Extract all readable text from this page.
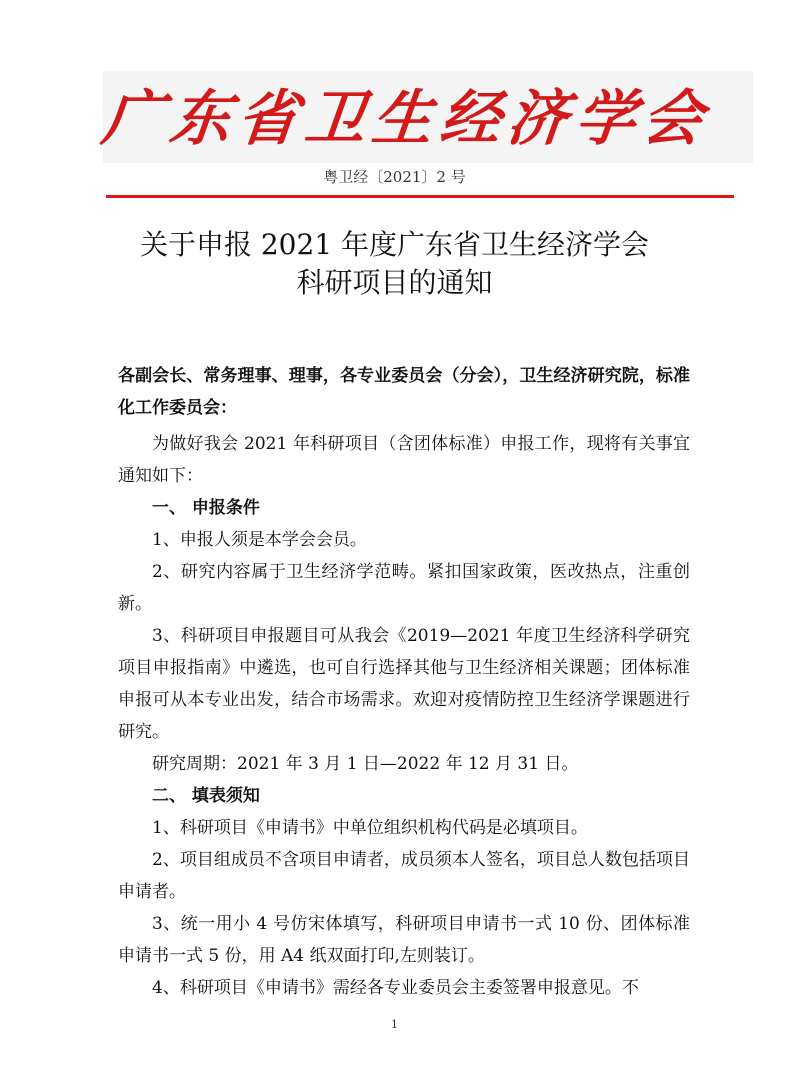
广 东 省 卫 生 经 济 学 会
粤卫经〔2021〕2 号
关于申报 2021 年度广东省卫生经济学会
科研项目的通知

各副会长、常务理事、理事，各专业委员会（分会），卫生经济研究院，标准化工作委员会：

为做好我会 2021 年科研项目（含团体标准）申报工作，现将有关事宜通知如下：

一、 申报条件

1、申报人须是本学会会员。

2、研究内容属于卫生经济学范畴。紧扣国家政策，医改热点，注重创新。

3、科研项目申报题目可从我会《2019—2021 年度卫生经济科学研究项目申报指南》中遴选，也可自行选择其他与卫生经济相关课题；团体标准申报可从本专业出发，结合市场需求。欢迎对疫情防控卫生经济学课题进行研究。

研究周期：2021 年 3 月 1 日—2022 年 12 月 31 日。

二、 填表须知

1、科研项目《申请书》中单位组织机构代码是必填项目。

2、项目组成员不含项目申请者，成员须本人签名，项目总人数包括项目申请者。

3、统一用小 4 号仿宋体填写，科研项目申请书一式 10 份、团体标准申请书一式 5 份，用 A4 纸双面打印,左则装订。

4、科研项目《申请书》需经各专业委员会主委签署申报意见。不

1
